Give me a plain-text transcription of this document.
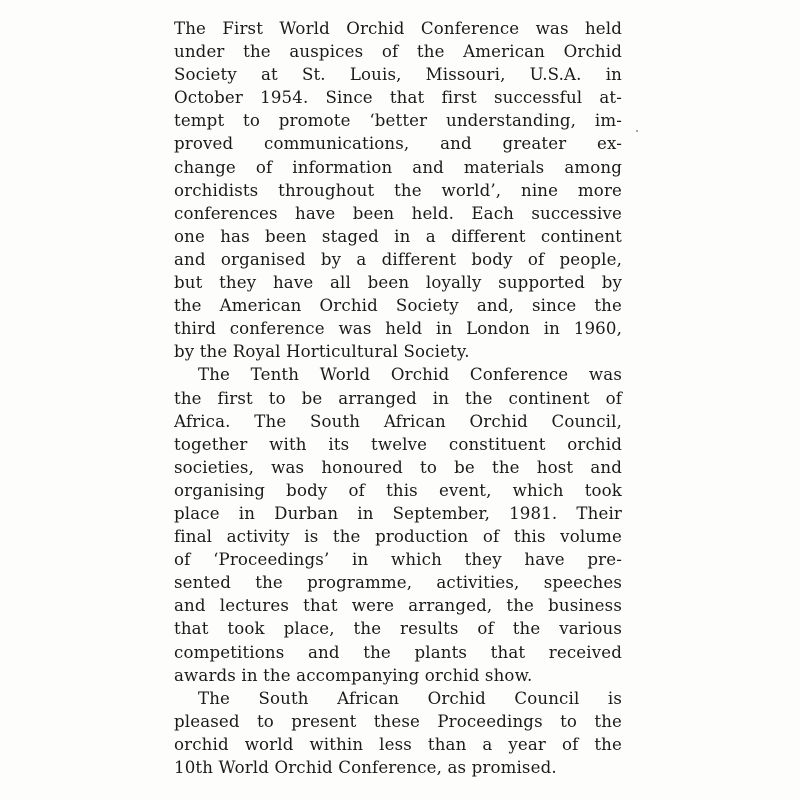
The First World Orchid Conference was held
under the auspices of the American Orchid
Society at St. Louis, Missouri, U.S.A. in
October 1954. Since that first successful at-
tempt to promote ‘better understanding, im-
proved communications, and greater ex-
change of information and materials among
orchidists throughout the world’, nine more
conferences have been held. Each successive
one has been staged in a different continent
and organised by a different body of people,
but they have all been loyally supported by
the American Orchid Society and, since the
third conference was held in London in 1960,
by the Royal Horticultural Society.
The Tenth World Orchid Conference was
the first to be arranged in the continent of
Africa. The South African Orchid Council,
together with its twelve constituent orchid
societies, was honoured to be the host and
organising body of this event, which took
place in Durban in September, 1981. Their
final activity is the production of this volume
of ‘Proceedings’ in which they have pre-
sented the programme, activities, speeches
and lectures that were arranged, the business
that took place, the results of the various
competitions and the plants that received
awards in the accompanying orchid show.
The South African Orchid Council is
pleased to present these Proceedings to the
orchid world within less than a year of the
10th World Orchid Conference, as promised.
